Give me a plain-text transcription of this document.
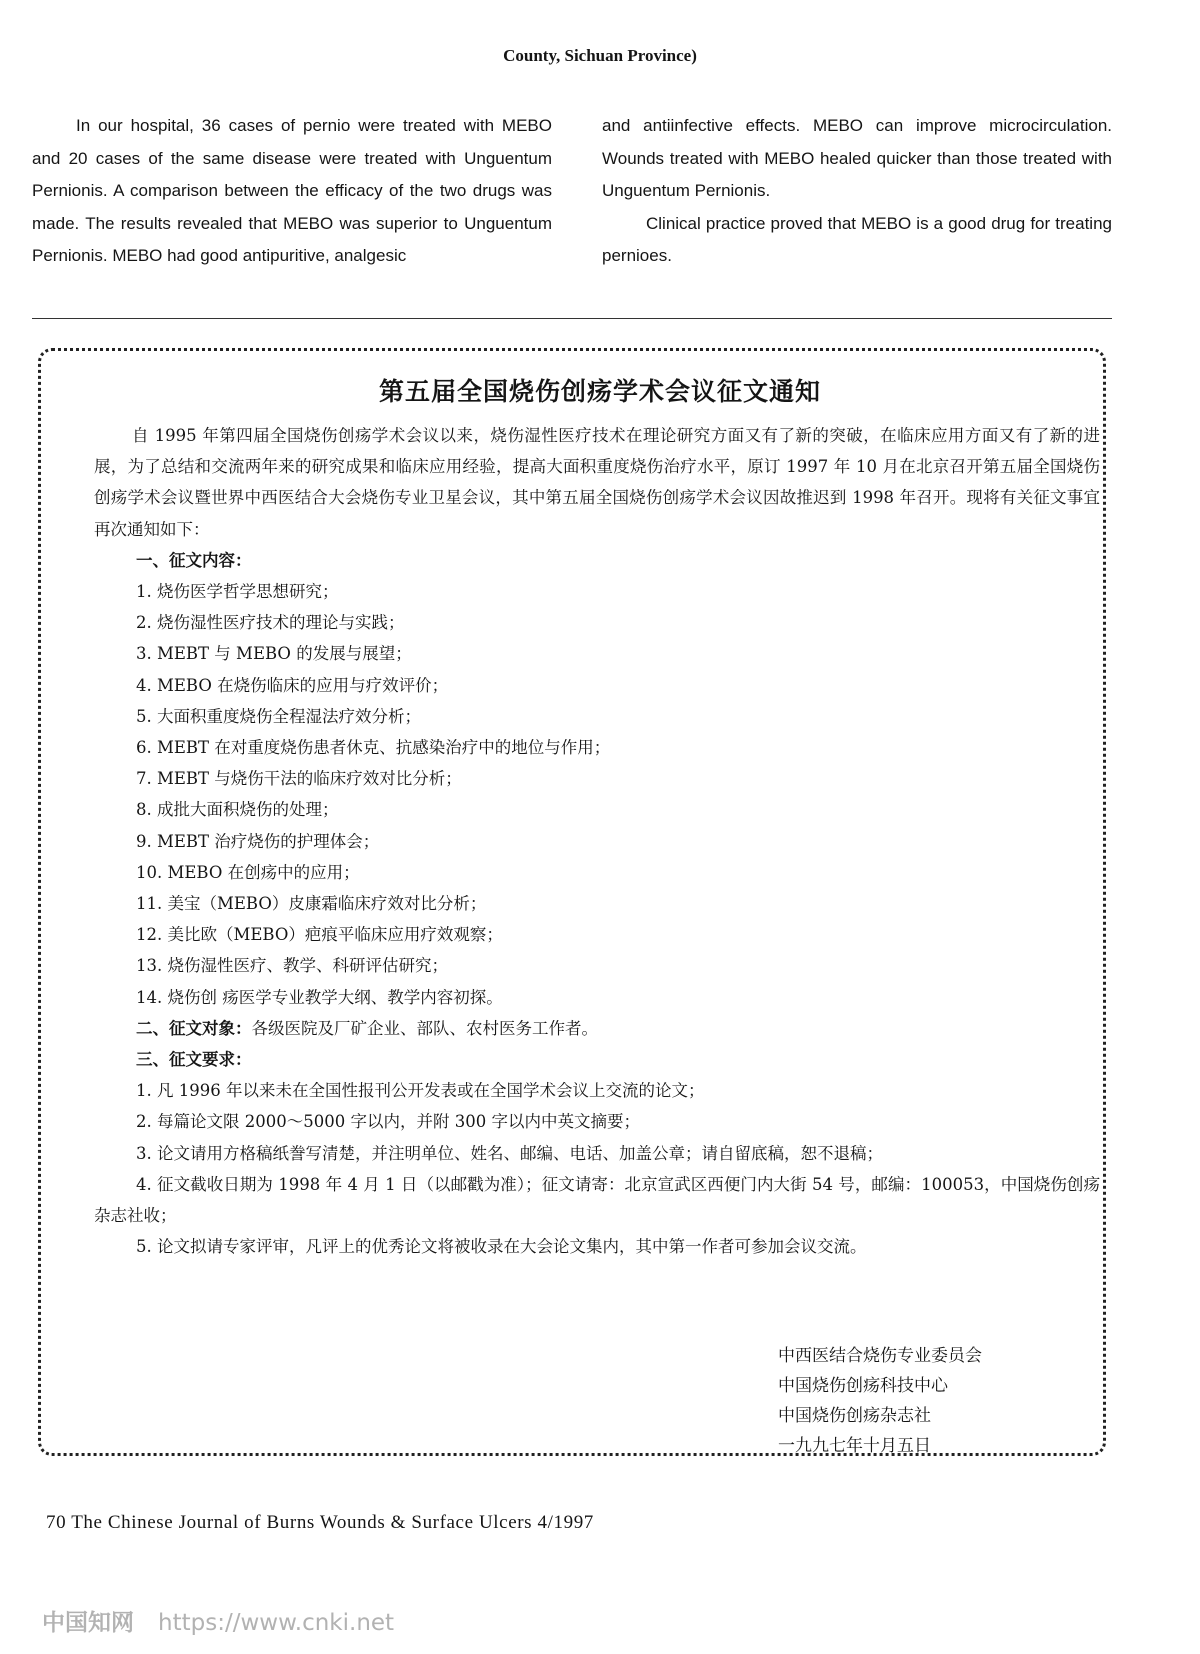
County, Sichuan Province)

In our hospital, 36 cases of pernio were treated with MEBO and 20 cases of the same disease were treated with Unguentum Pernionis. A comparison between the efficacy of the two drugs was made. The results revealed that MEBO was superior to Unguentum Pernionis. MEBO had good antipuritive, analgesic

and antiinfective effects. MEBO can improve microcirculation. Wounds treated with MEBO healed quicker than those treated with Unguentum Pernionis.

Clinical practice proved that MEBO is a good drug for treating pernioes.

第五届全国烧伤创疡学术会议征文通知

自 1995 年第四届全国烧伤创疡学术会议以来，烧伤湿性医疗技术在理论研究方面又有了新的突破，在临床应用方面又有了新的进展，为了总结和交流两年来的研究成果和临床应用经验，提高大面积重度烧伤治疗水平，原订 1997 年 10 月在北京召开第五届全国烧伤创疡学术会议暨世界中西医结合大会烧伤专业卫星会议，其中第五届全国烧伤创疡学术会议因故推迟到 1998 年召开。现将有关征文事宜再次通知如下：

一、征文内容：

1. 烧伤医学哲学思想研究；

2. 烧伤湿性医疗技术的理论与实践；

3. MEBT 与 MEBO 的发展与展望；

4. MEBO 在烧伤临床的应用与疗效评价；

5. 大面积重度烧伤全程湿法疗效分析；

6. MEBT 在对重度烧伤患者休克、抗感染治疗中的地位与作用；

7. MEBT 与烧伤干法的临床疗效对比分析；

8. 成批大面积烧伤的处理；

9. MEBT 治疗烧伤的护理体会；

10. MEBO 在创疡中的应用；

11. 美宝（MEBO）皮康霜临床疗效对比分析；

12. 美比欧（MEBO）疤痕平临床应用疗效观察；

13. 烧伤湿性医疗、教学、科研评估研究；

14. 烧伤创 疡医学专业教学大纲、教学内容初探。

二、征文对象：各级医院及厂矿企业、部队、农村医务工作者。

三、征文要求：

1. 凡 1996 年以来未在全国性报刊公开发表或在全国学术会议上交流的论文；

2. 每篇论文限 2000～5000 字以内，并附 300 字以内中英文摘要；

3. 论文请用方格稿纸誊写清楚，并注明单位、姓名、邮编、电话、加盖公章；请自留底稿，恕不退稿；

4. 征文截收日期为 1998 年 4 月 1 日（以邮戳为准）；征文请寄：北京宣武区西便门内大街 54 号，邮编：100053，中国烧伤创疡杂志社收；

5. 论文拟请专家评审，凡评上的优秀论文将被收录在大会论文集内，其中第一作者可参加会议交流。

中西医结合烧伤专业委员会
中国烧伤创疡科技中心
中国烧伤创疡杂志社
一九九七年十月五日
70 The Chinese Journal of Burns Wounds & Surface Ulcers 4/1997
中国知网 https://www.cnki.net
